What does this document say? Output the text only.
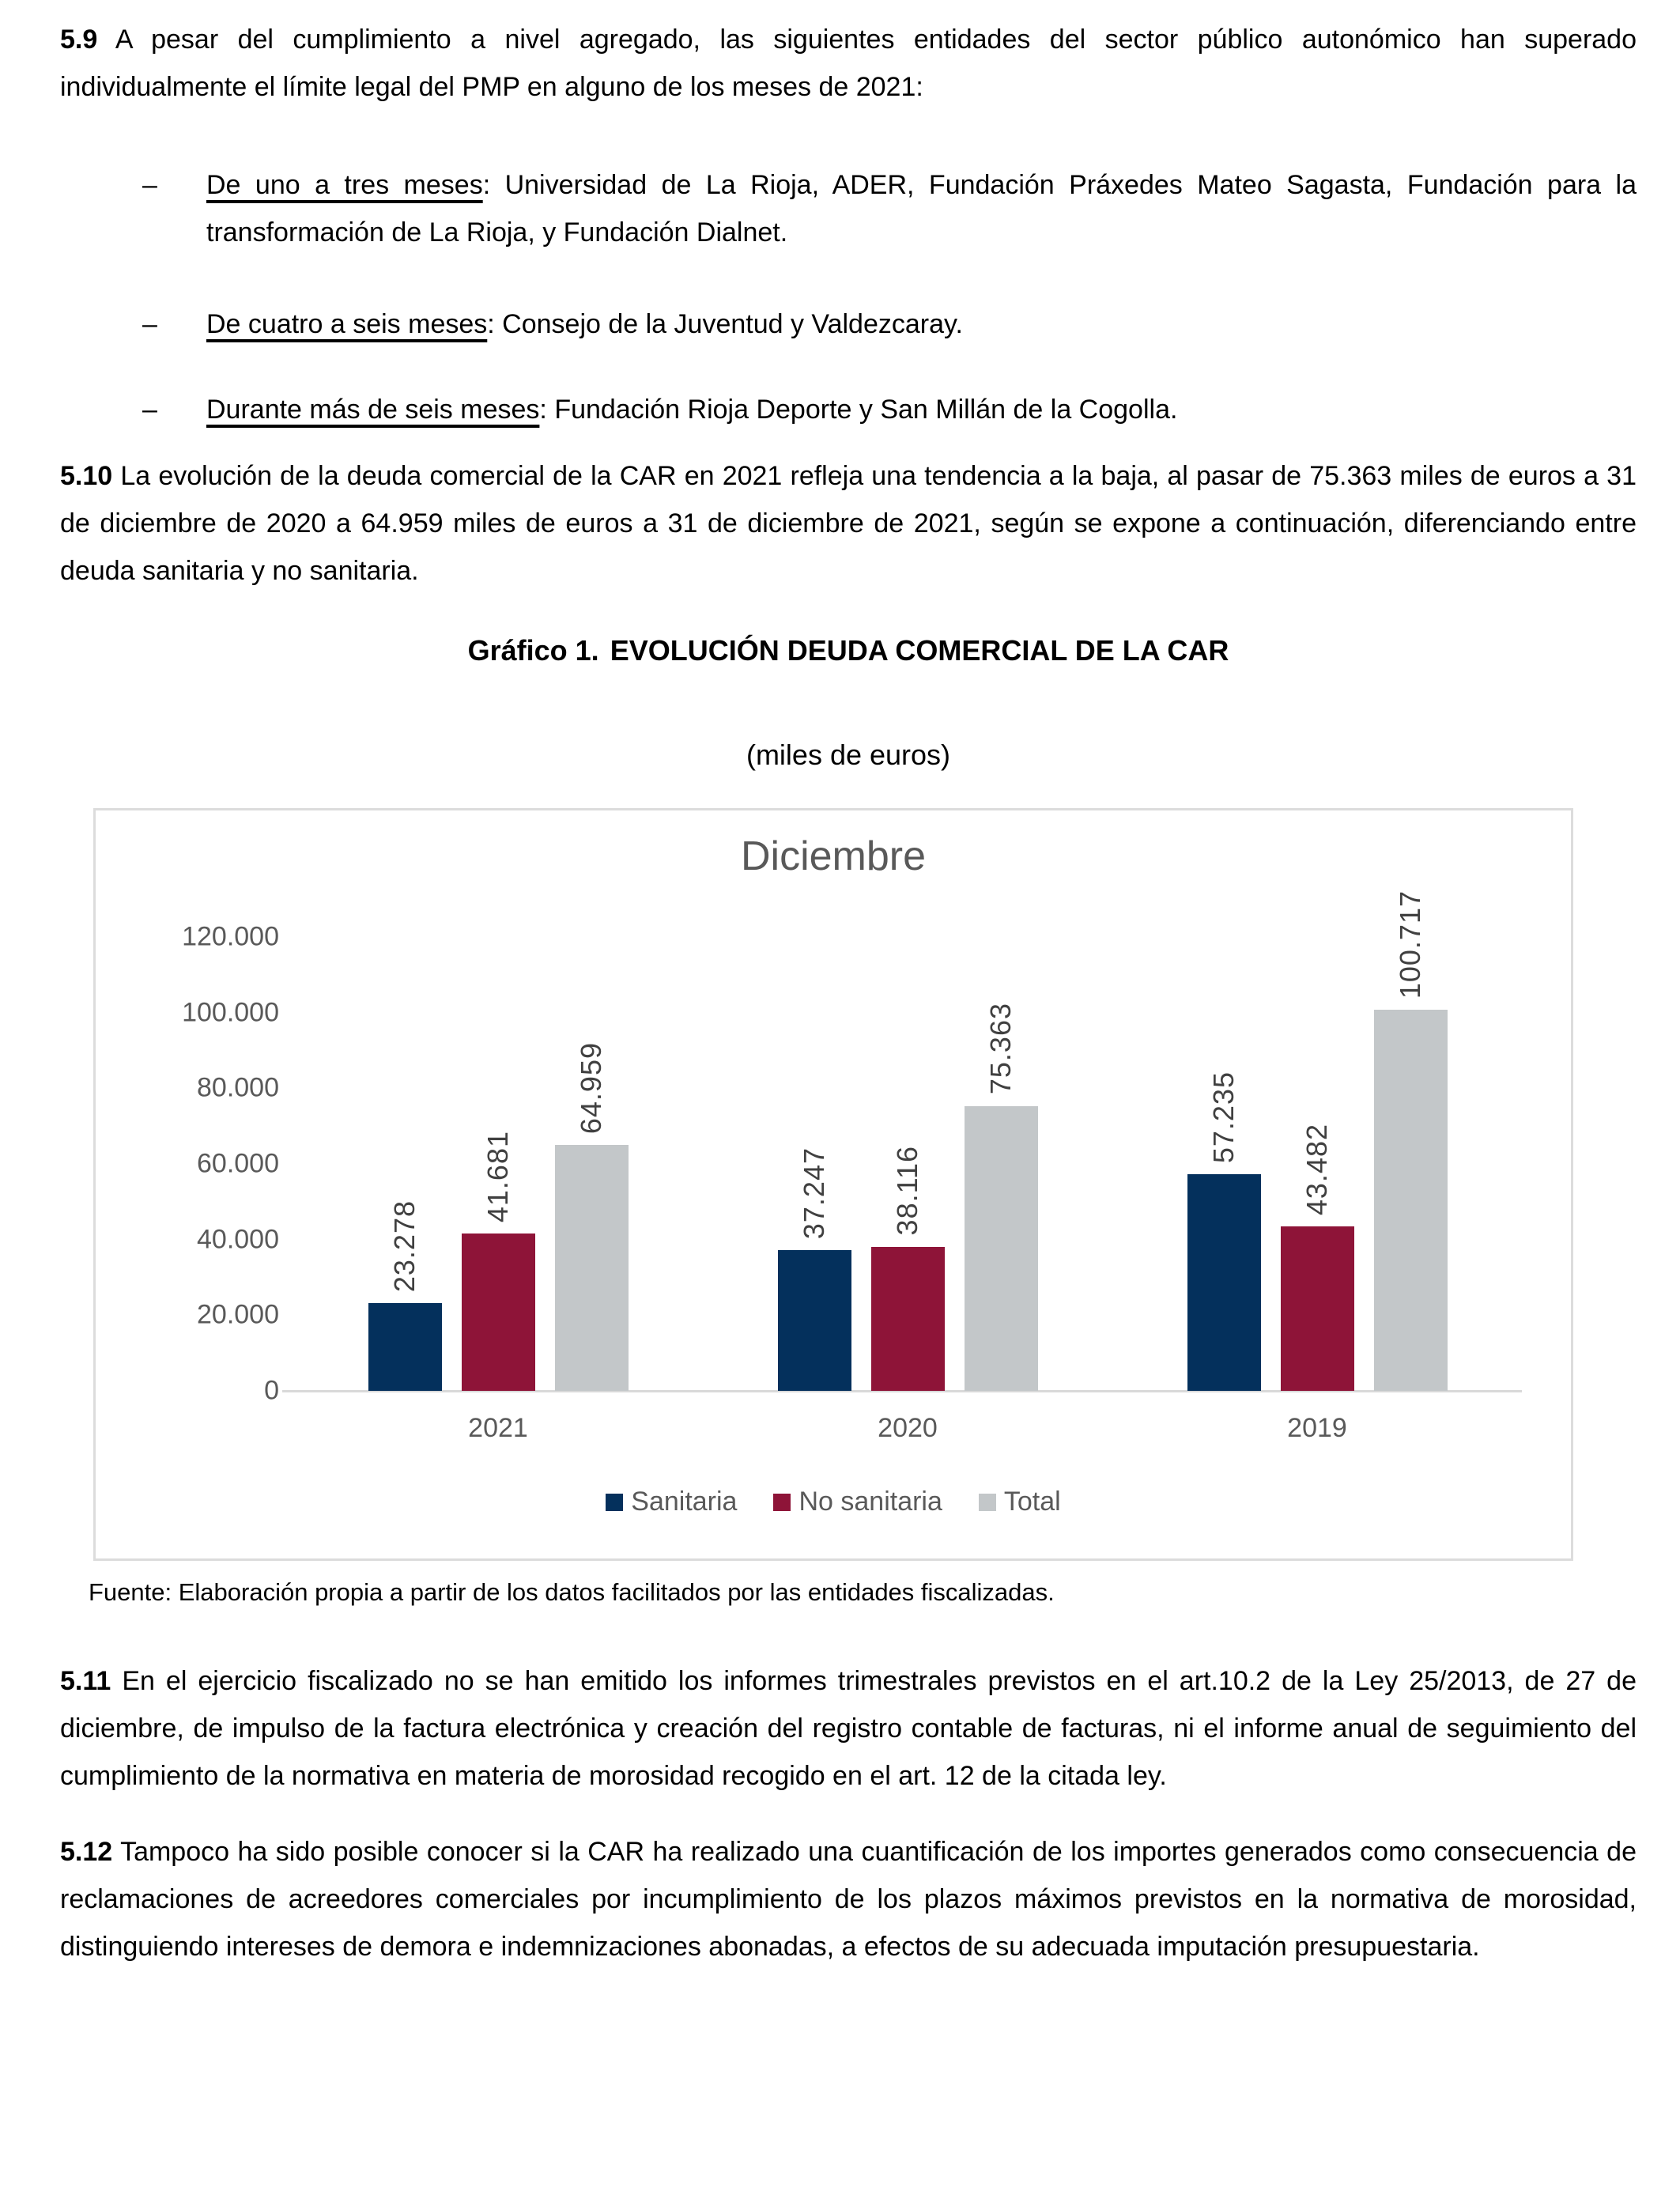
5.9 A pesar del cumplimiento a nivel agregado, las siguientes entidades del sector público autonómico han superado individualmente el límite legal del PMP en alguno de los meses de 2021:

– De uno a tres meses: Universidad de La Rioja, ADER, Fundación Práxedes Mateo Sagasta, Fundación para la transformación de La Rioja, y Fundación Dialnet.
– De cuatro a seis meses: Consejo de la Juventud y Valdezcaray.
– Durante más de seis meses: Fundación Rioja Deporte y San Millán de la Cogolla.

5.10 La evolución de la deuda comercial de la CAR en 2021 refleja una tendencia a la baja, al pasar de 75.363 miles de euros a 31 de diciembre de 2020 a 64.959 miles de euros a 31 de diciembre de 2021, según se expone a continuación, diferenciando entre deuda sanitaria y no sanitaria.

Gráfico 1. EVOLUCIÓN DEUDA COMERCIAL DE LA CAR

(miles de euros)

Diciembre
0
20.000
40.000
60.000
80.000
100.000
120.000
23.278
41.681
64.959
2021
37.247 38.116
75.363
2020
57.235
43.482
100.717
2019
Sanitaria No sanitaria Total

Fuente: Elaboración propia a partir de los datos facilitados por las entidades fiscalizadas.

5.11 En el ejercicio fiscalizado no se han emitido los informes trimestrales previstos en el art.10.2 de la Ley 25/2013, de 27 de diciembre, de impulso de la factura electrónica y creación del registro contable de facturas, ni el informe anual de seguimiento del cumplimiento de la normativa en materia de morosidad recogido en el art. 12 de la citada ley.

5.12 Tampoco ha sido posible conocer si la CAR ha realizado una cuantificación de los importes generados como consecuencia de reclamaciones de acreedores comerciales por incumplimiento de los plazos máximos previstos en la normativa de morosidad, distinguiendo intereses de demora e indemnizaciones abonadas, a efectos de su adecuada imputación presupuestaria.
